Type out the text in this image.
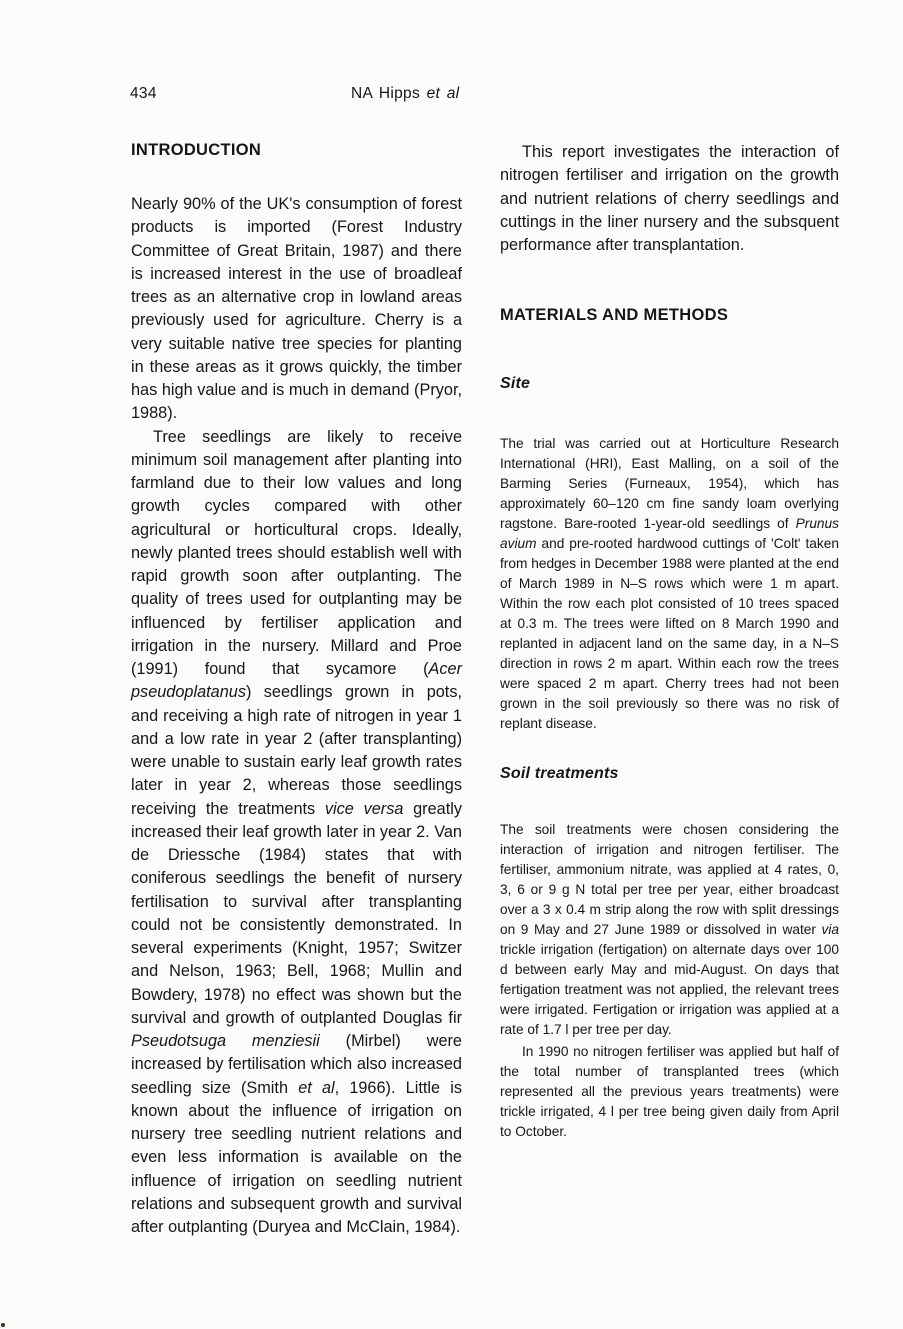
434	NA Hipps et al
INTRODUCTION

Nearly 90% of the UK's consumption of forest products is imported (Forest Industry Committee of Great Britain, 1987) and there is increased interest in the use of broadleaf trees as an alternative crop in lowland areas previously used for agriculture. Cherry is a very suitable native tree species for planting in these areas as it grows quickly, the timber has high value and is much in demand (Pryor, 1988).

Tree seedlings are likely to receive minimum soil management after planting into farmland due to their low values and long growth cycles compared with other agricultural or horticultural crops. Ideally, newly planted trees should establish well with rapid growth soon after outplanting. The quality of trees used for outplanting may be influenced by fertiliser application and irrigation in the nursery. Millard and Proe (1991) found that sycamore (Acer pseudoplatanus) seedlings grown in pots, and receiving a high rate of nitrogen in year 1 and a low rate in year 2 (after transplanting) were unable to sustain early leaf growth rates later in year 2, whereas those seedlings receiving the treatments vice versa greatly increased their leaf growth later in year 2. Van de Driessche (1984) states that with coniferous seedlings the benefit of nursery fertilisation to survival after transplanting could not be consistently demonstrated. In several experiments (Knight, 1957; Switzer and Nelson, 1963; Bell, 1968; Mullin and Bowdery, 1978) no effect was shown but the survival and growth of outplanted Douglas fir Pseudotsuga menziesii (Mirbel) were increased by fertilisation which also increased seedling size (Smith et al, 1966). Little is known about the influence of irrigation on nursery tree seedling nutrient relations and even less information is available on the influence of irrigation on seedling nutrient relations and subsequent growth and survival after outplanting (Duryea and McClain, 1984).

This report investigates the interaction of nitrogen fertiliser and irrigation on the growth and nutrient relations of cherry seedlings and cuttings in the liner nursery and the subsquent performance after transplantation.

MATERIALS AND METHODS
Site

The trial was carried out at Horticulture Research International (HRI), East Malling, on a soil of the Barming Series (Furneaux, 1954), which has approximately 60–120 cm fine sandy loam overlying ragstone. Bare-rooted 1-year-old seedlings of Prunus avium and pre-rooted hardwood cuttings of 'Colt' taken from hedges in December 1988 were planted at the end of March 1989 in N–S rows which were 1 m apart. Within the row each plot consisted of 10 trees spaced at 0.3 m. The trees were lifted on 8 March 1990 and replanted in adjacent land on the same day, in a N–S direction in rows 2 m apart. Within each row the trees were spaced 2 m apart. Cherry trees had not been grown in the soil previously so there was no risk of replant disease.

Soil treatments

The soil treatments were chosen considering the interaction of irrigation and nitrogen fertiliser. The fertiliser, ammonium nitrate, was applied at 4 rates, 0, 3, 6 or 9 g N total per tree per year, either broadcast over a 3 x 0.4 m strip along the row with split dressings on 9 May and 27 June 1989 or dissolved in water via trickle irrigation (fertigation) on alternate days over 100 d between early May and mid-August. On days that fertigation treatment was not applied, the relevant trees were irrigated. Fertigation or irrigation was applied at a rate of 1.7 l per tree per day.

In 1990 no nitrogen fertiliser was applied but half of the total number of transplanted trees (which represented all the previous years treatments) were trickle irrigated, 4 l per tree being given daily from April to October.
